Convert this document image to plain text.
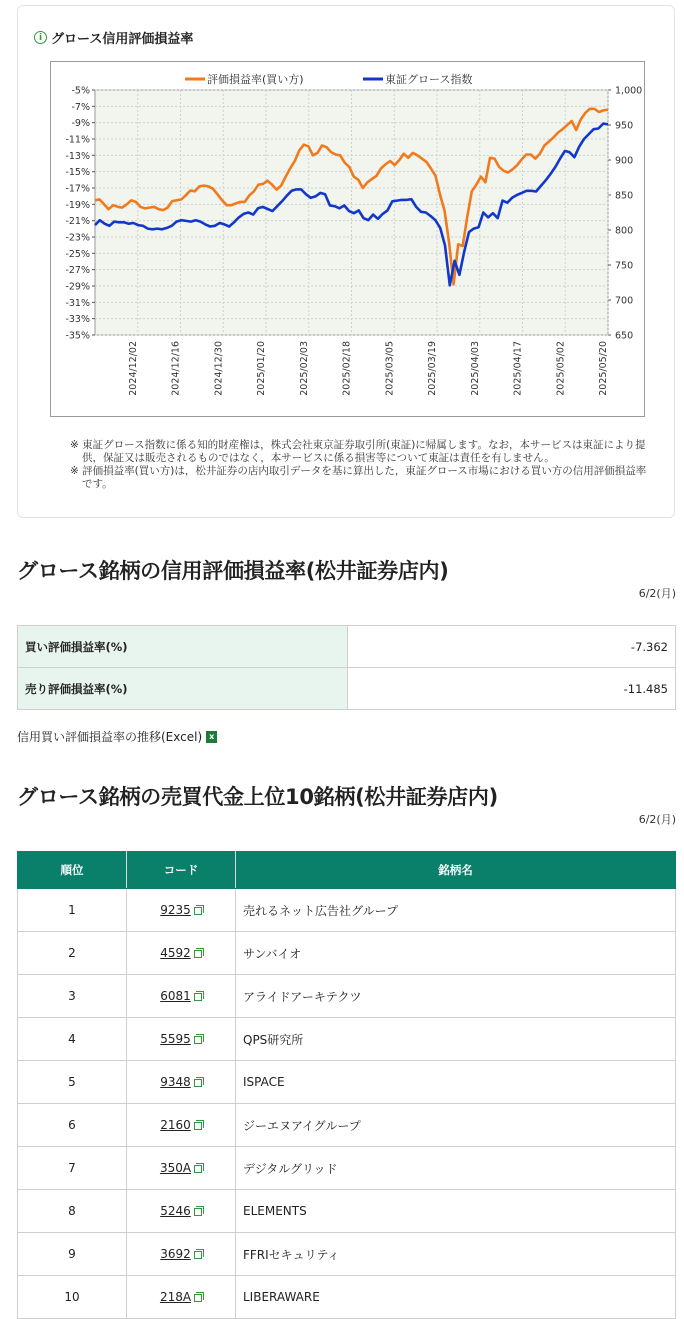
i グロース信用評価損益率
-5%
-7%
-9%
-11%
-13%
-15%
-17%
-19%
-21%
-23%
-25%
-27%
-29%
-31%
-33%
-35%
1,000
950
900
850
800
750
700
650
2024/12/02	2024/12/16	2024/12/30	2025/01/20	2025/02/03	2025/02/18	2025/03/05	2025/03/19	2025/04/03	2025/04/17	2025/05/02	2025/05/20
評価損益率(買い方)	東証グロース指数
※ 東証グロース指数に係る知的財産権は，株式会社東京証券取引所(東証)に帰属します。なお，本サービスは東証により提供，保証又は販売されるものではなく，本サービスに係る損害等について東証は責任を有しません。
※ 評価損益率(買い方)は，松井証券の店内取引データを基に算出した，東証グロース市場における買い方の信用評価損益率です。
グロース銘柄の信用評価損益率(松井証券店内)
6/2(月)
買い評価損益率(%)	-7.362
売り評価損益率(%)	-11.485
信用買い評価損益率の推移(Excel) x
グロース銘柄の売買代金上位10銘柄(松井証券店内)
6/2(月)
順位	コード	銘柄名
1	9235	売れるネット広告社グループ
2	4592	サンバイオ
3	6081	アライドアーキテクツ
4	5595	QPS研究所
5	9348	ISPACE
6	2160	ジーエヌアイグループ
7	350A	デジタルグリッド
8	5246	ELEMENTS
9	3692	FFRIセキュリティ
10	218A	LIBERAWARE
